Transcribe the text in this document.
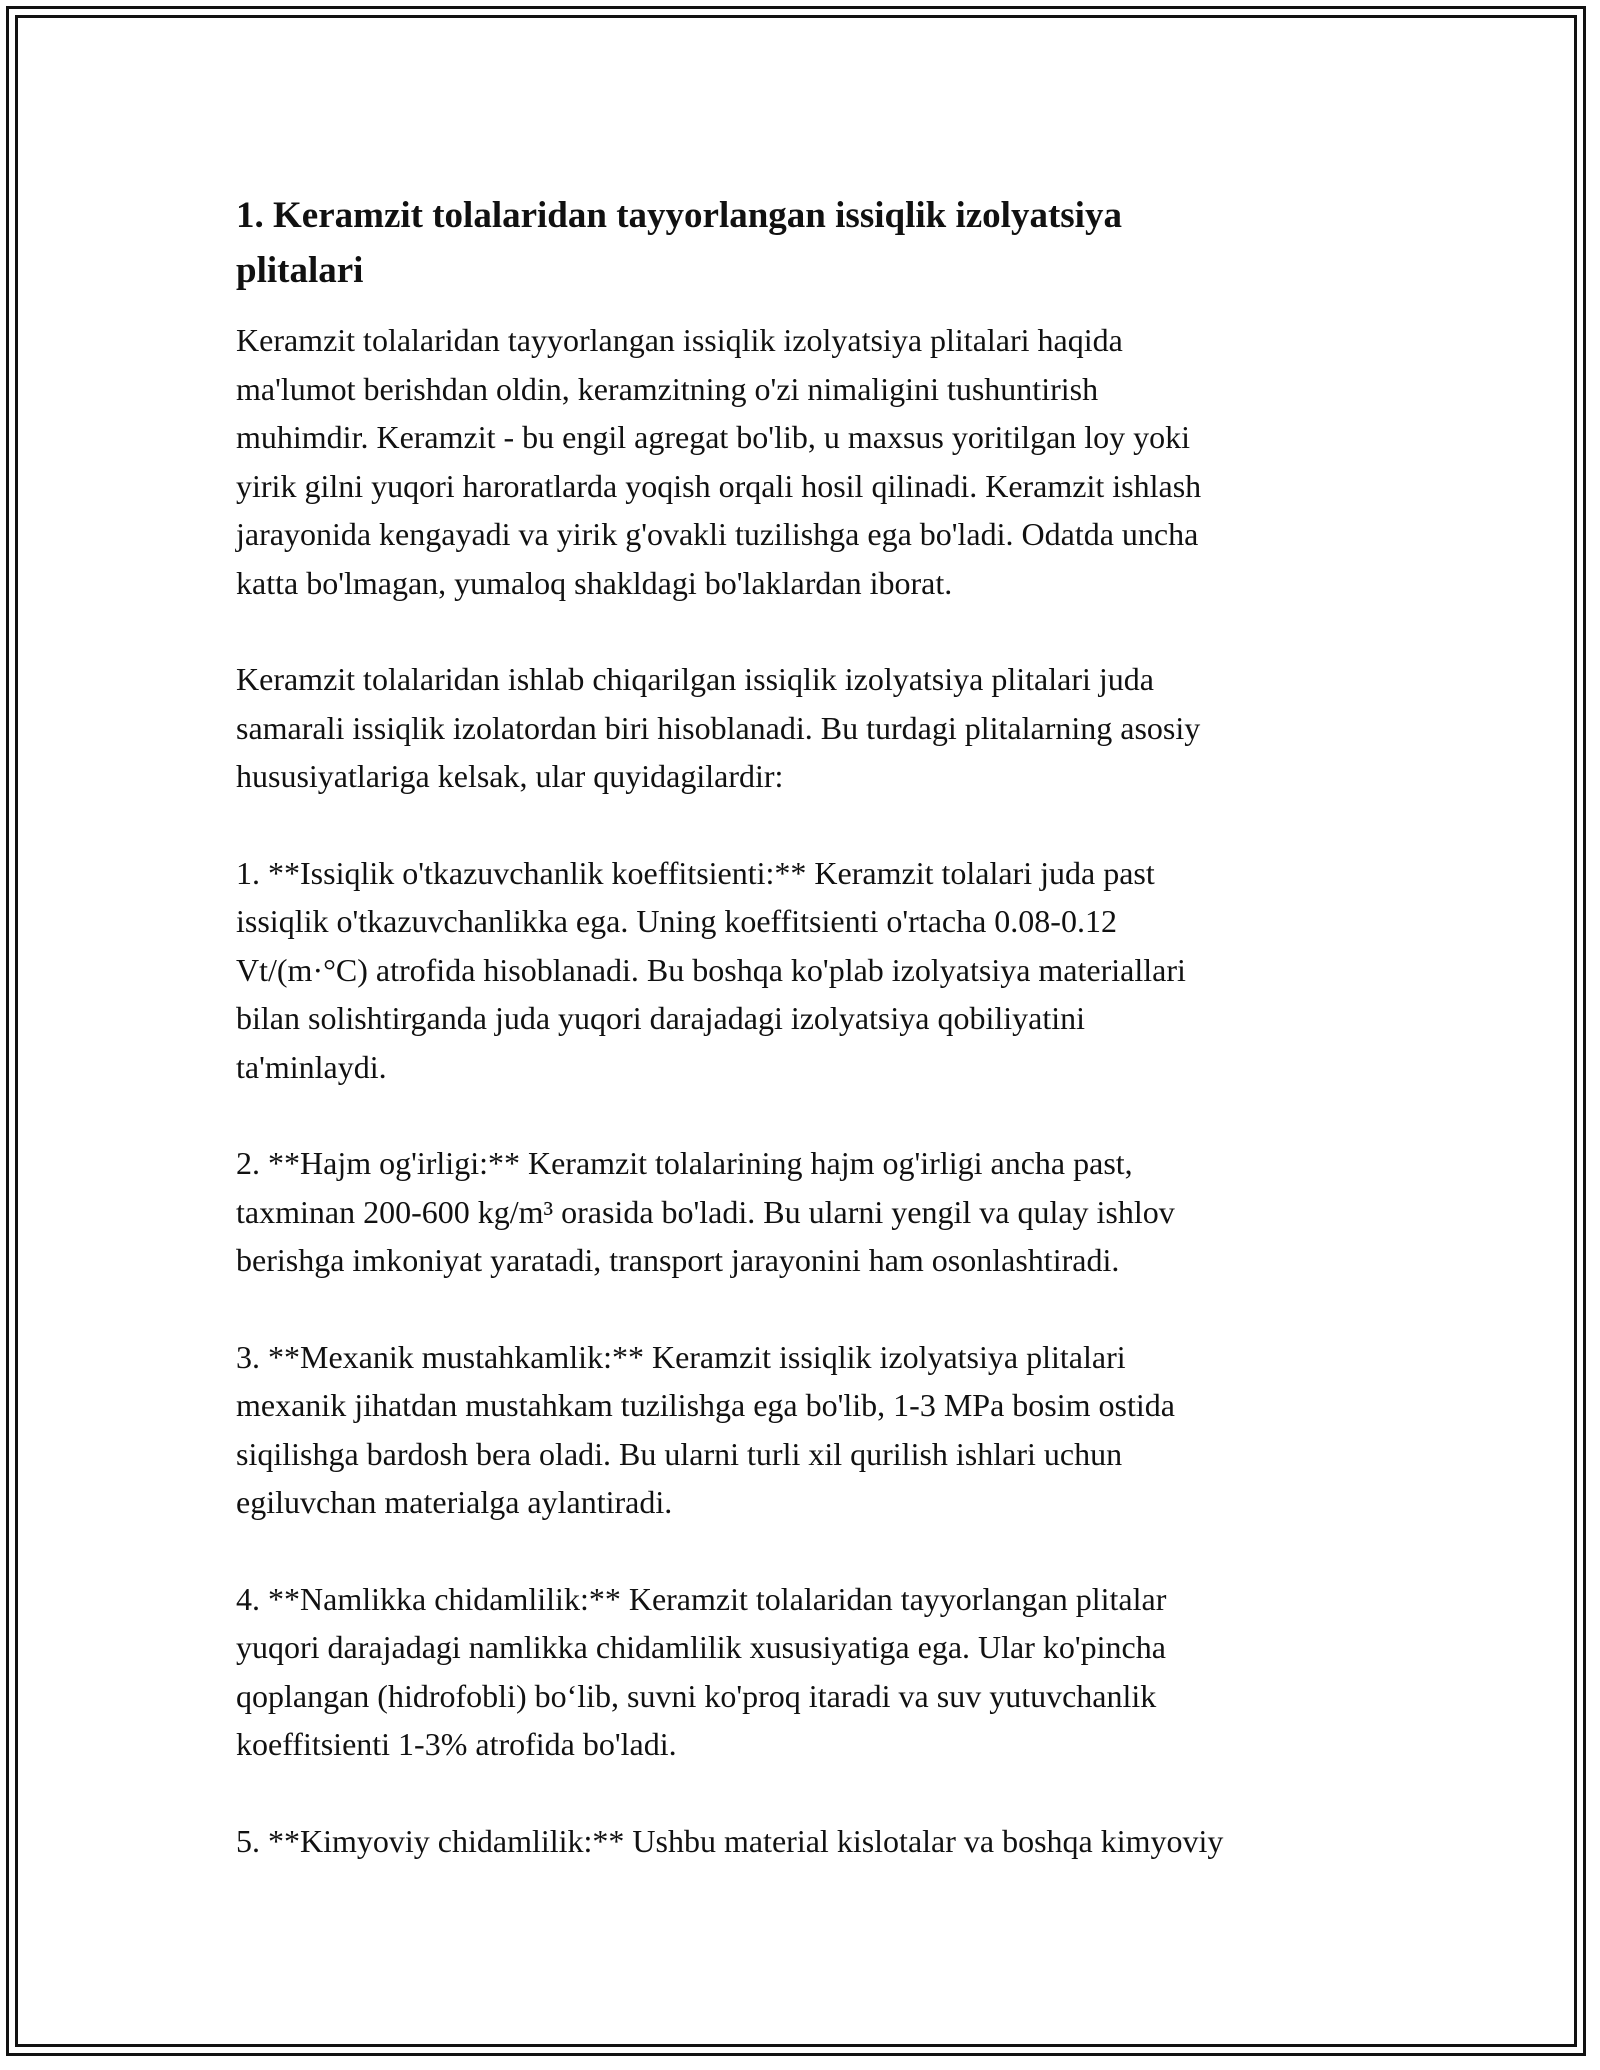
1. Keramzit tolalaridan tayyorlangan issiqlik izolyatsiya
plitalari

Keramzit tolalaridan tayyorlangan issiqlik izolyatsiya plitalari haqida
ma'lumot berishdan oldin, keramzitning o'zi nimaligini tushuntirish
muhimdir. Keramzit - bu engil agregat bo'lib, u maxsus yoritilgan loy yoki
yirik gilni yuqori haroratlarda yoqish orqali hosil qilinadi. Keramzit ishlash
jarayonida kengayadi va yirik g'ovakli tuzilishga ega bo'ladi. Odatda uncha
katta bo'lmagan, yumaloq shakldagi bo'laklardan iborat.

Keramzit tolalaridan ishlab chiqarilgan issiqlik izolyatsiya plitalari juda
samarali issiqlik izolatordan biri hisoblanadi. Bu turdagi plitalarning asosiy
hususiyatlariga kelsak, ular quyidagilardir:

1. **Issiqlik o'tkazuvchanlik koeffitsienti:** Keramzit tolalari juda past
issiqlik o'tkazuvchanlikka ega. Uning koeffitsienti o'rtacha 0.08-0.12
Vt/(m·°C) atrofida hisoblanadi. Bu boshqa ko'plab izolyatsiya materiallari
bilan solishtirganda juda yuqori darajadagi izolyatsiya qobiliyatini
ta'minlaydi.

2. **Hajm og'irligi:** Keramzit tolalarining hajm og'irligi ancha past,
taxminan 200-600 kg/m³ orasida bo'ladi. Bu ularni yengil va qulay ishlov
berishga imkoniyat yaratadi, transport jarayonini ham osonlashtiradi.

3. **Mexanik mustahkamlik:** Keramzit issiqlik izolyatsiya plitalari
mexanik jihatdan mustahkam tuzilishga ega bo'lib, 1-3 MPa bosim ostida
siqilishga bardosh bera oladi. Bu ularni turli xil qurilish ishlari uchun
egiluvchan materialga aylantiradi.

4. **Namlikka chidamlilik:** Keramzit tolalaridan tayyorlangan plitalar
yuqori darajadagi namlikka chidamlilik xususiyatiga ega. Ular ko'pincha
qoplangan (hidrofobli) bo‘lib, suvni ko'proq itaradi va suv yutuvchanlik
koeffitsienti 1-3% atrofida bo'ladi.

5. **Kimyoviy chidamlilik:** Ushbu material kislotalar va boshqa kimyoviy
